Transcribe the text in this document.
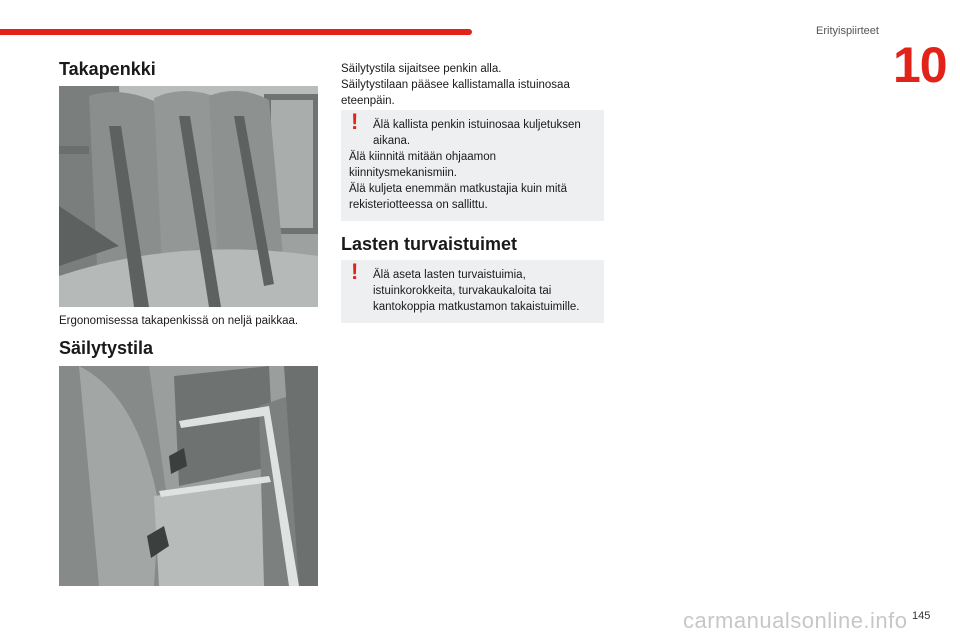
Erityispiirteet
10
Takapenkki
Ergonomisessa takapenkissä on neljä paikkaa.
Säilytystila

Säilytystila sijaitsee penkin alla.

Säilytystilaan pääsee kallistamalla istuinosaa eteenpäin.

!	Älä kallista penkin istuinosaa kuljetuksen aikana.

Älä kiinnitä mitään ohjaamon kiinnitysmekanismiin.

Älä kuljeta enemmän matkustajia kuin mitä rekisteriotteessa on sallittu.

Lasten turvaistuimet
!	Älä aseta lasten turvaistuimia, istuinkorokkeita, turvakaukaloita tai kantokoppia matkustamon takaistuimille.

145
carmanualsonline.info
